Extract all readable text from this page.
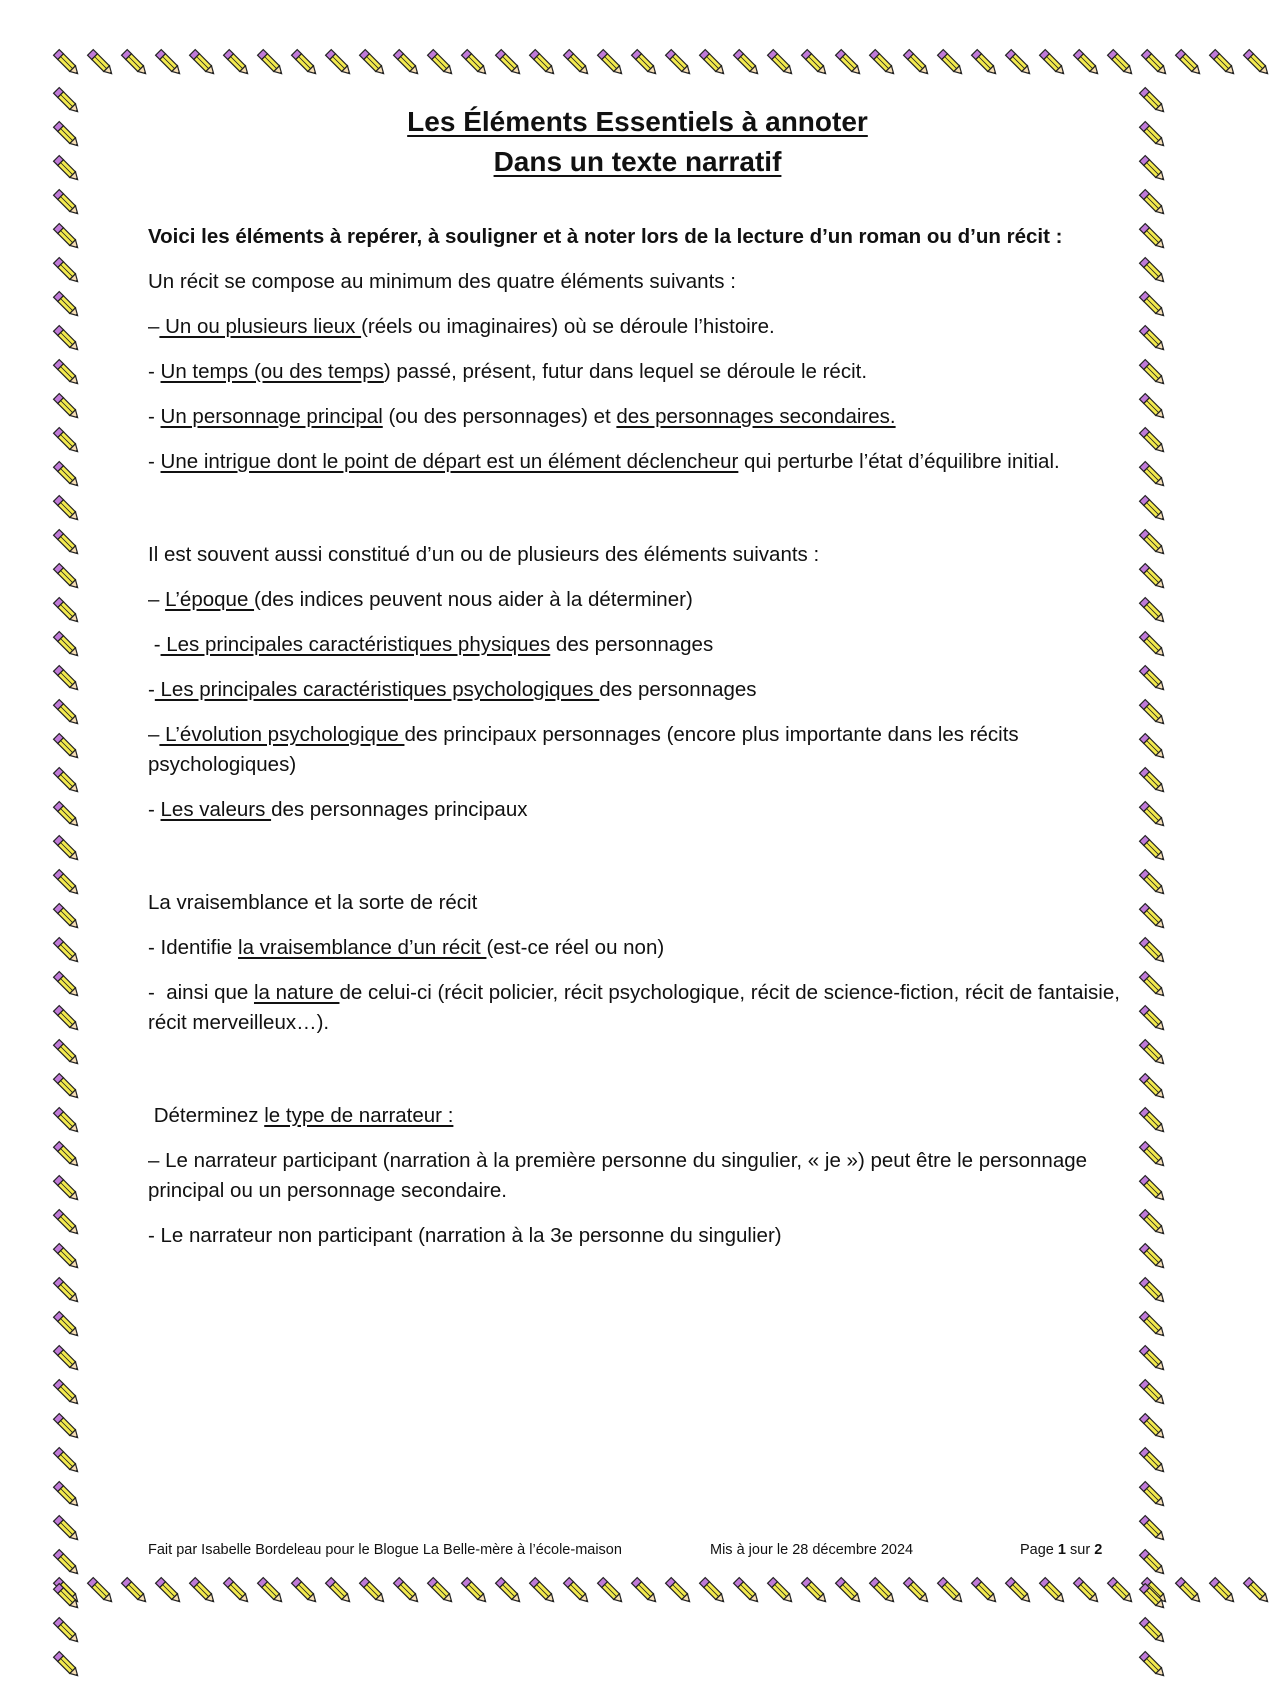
Les Éléments Essentiels à annoter
Dans un texte narratif

Voici les éléments à repérer, à souligner et à noter lors de la lecture d’un roman ou d’un récit :

Un récit se compose au minimum des quatre éléments suivants :

– Un ou plusieurs lieux (réels ou imaginaires) où se déroule l’histoire.

- Un temps (ou des temps) passé, présent, futur dans lequel se déroule le récit.

- Un personnage principal (ou des personnages) et des personnages secondaires.

- Une intrigue dont le point de départ est un élément déclencheur qui perturbe l’état d’équilibre initial.

Il est souvent aussi constitué d’un ou de plusieurs des éléments suivants :

– L’époque (des indices peuvent nous aider à la déterminer)

- Les principales caractéristiques physiques des personnages

- Les principales caractéristiques psychologiques des personnages

– L’évolution psychologique des principaux personnages (encore plus importante dans les récits psychologiques)

- Les valeurs des personnages principaux

La vraisemblance et la sorte de récit

- Identifie la vraisemblance d’un récit (est-ce réel ou non)

-  ainsi que la nature de celui-ci (récit policier, récit psychologique, récit de science-fiction, récit de fantaisie, récit merveilleux…).

Déterminez le type de narrateur :

– Le narrateur participant (narration à la première personne du singulier, « je ») peut être le personnage principal ou un personnage secondaire.

- Le narrateur non participant (narration à la 3e personne du singulier)

Fait par Isabelle Bordeleau pour le Blogue La Belle-mère à l’école-maison	Mis à jour le 28 décembre 2024	Page 1 sur 2
